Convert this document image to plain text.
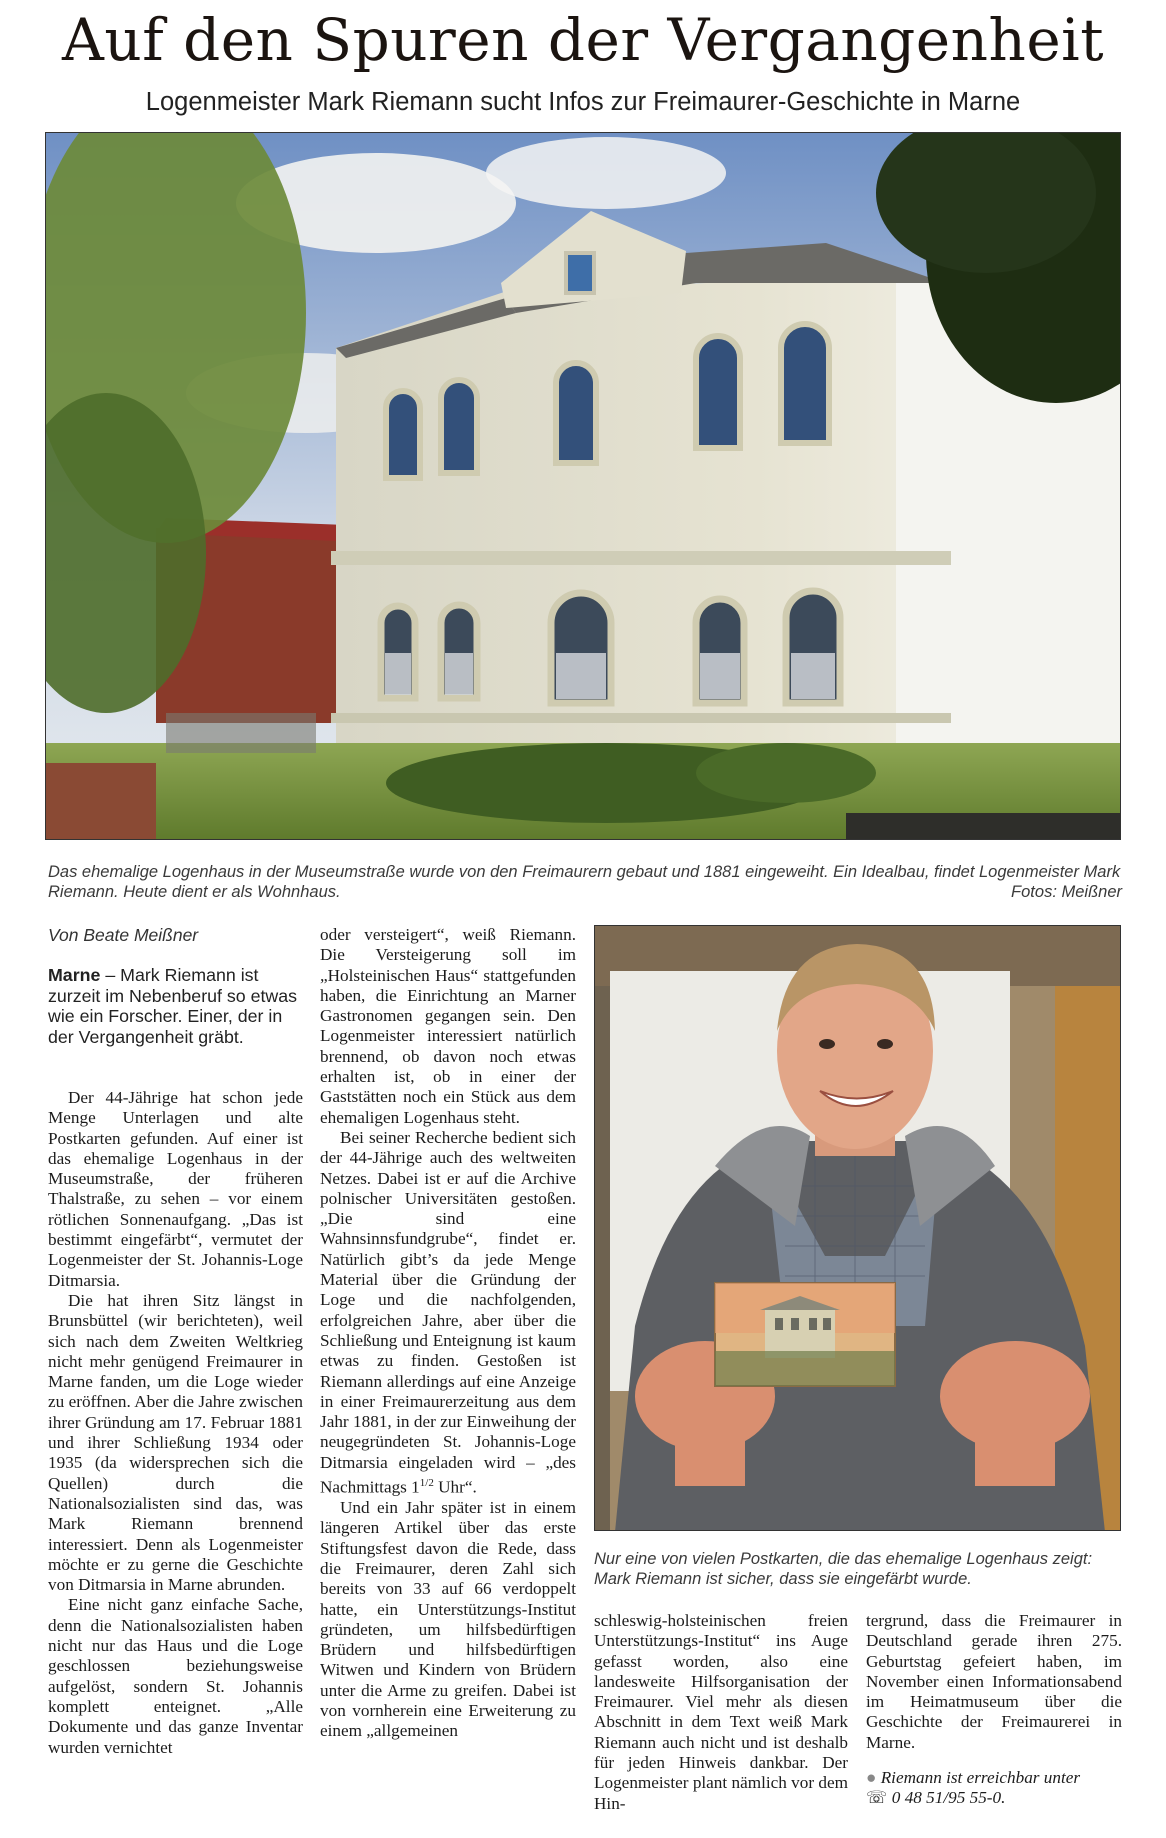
Auf den Spuren der Vergangenheit
Logenmeister Mark Riemann sucht Infos zur Freimaurer-Geschichte in Marne
Das ehemalige Logenhaus in der Museumstraße wurde von den Freimaurern gebaut und 1881 eingeweiht. Ein Idealbau, findet Logenmeister Mark Riemann. Heute dient er als Wohnhaus.	Fotos: Meißner
Von Beate Meißner
Marne – Mark Riemann ist zurzeit im Nebenberuf so etwas wie ein Forscher. Einer, der in der Vergangenheit gräbt.

Der 44-Jährige hat schon jede Menge Unterlagen und alte Postkarten gefunden. Auf einer ist das ehemalige Logenhaus in der Museumstraße, der früheren Thalstraße, zu sehen – vor einem rötlichen Sonnenaufgang. „Das ist bestimmt eingefärbt“, vermutet der Logenmeister der St. Johannis-Loge Ditmarsia.

Die hat ihren Sitz längst in Brunsbüttel (wir berichteten), weil sich nach dem Zweiten Weltkrieg nicht mehr genügend Freimaurer in Marne fanden, um die Loge wieder zu eröffnen. Aber die Jahre zwischen ihrer Gründung am 17. Februar 1881 und ihrer Schließung 1934 oder 1935 (da widersprechen sich die Quellen) durch die Nationalsozialisten sind das, was Mark Riemann brennend interessiert. Denn als Logenmeister möchte er zu gerne die Geschichte von Ditmarsia in Marne abrunden.

Eine nicht ganz einfache Sache, denn die Nationalsozialisten haben nicht nur das Haus und die Loge geschlossen beziehungsweise aufgelöst, sondern St. Johannis komplett enteignet. „Alle Dokumente und das ganze Inventar wurden vernichtet

oder versteigert“, weiß Riemann. Die Versteigerung soll im „Holsteinischen Haus“ stattgefunden haben, die Einrichtung an Marner Gastronomen gegangen sein. Den Logenmeister interessiert natürlich brennend, ob davon noch etwas erhalten ist, ob in einer der Gaststätten noch ein Stück aus dem ehemaligen Logenhaus steht.

Bei seiner Recherche bedient sich der 44-Jährige auch des weltweiten Netzes. Dabei ist er auf die Archive polnischer Universitäten gestoßen. „Die sind eine Wahnsinnsfundgrube“, findet er. Natürlich gibt’s da jede Menge Material über die Gründung der Loge und die nachfolgenden, erfolgreichen Jahre, aber über die Schließung und Enteignung ist kaum etwas zu finden. Gestoßen ist Riemann allerdings auf eine Anzeige in einer Freimaurerzeitung aus dem Jahr 1881, in der zur Einweihung der neugegründeten St. Johannis-Loge Ditmarsia eingeladen wird – „des Nachmittags $1^{1/2}$ Uhr“.

Und ein Jahr später ist in einem längeren Artikel über das erste Stiftungsfest davon die Rede, dass die Freimaurer, deren Zahl sich bereits von 33 auf 66 verdoppelt hatte, ein Unterstützungs-Institut gründeten, um hilfsbedürftigen Brüdern und hilfsbedürftigen Witwen und Kindern von Brüdern unter die Arme zu greifen. Dabei ist von vornherein eine Erweiterung zu einem „allgemeinen

Nur eine von vielen Postkarten, die das ehemalige Logenhaus zeigt: Mark Riemann ist sicher, dass sie eingefärbt wurde.

schleswig-holsteinischen freien Unterstützungs-Institut“ ins Auge gefasst worden, also eine landesweite Hilfsorganisation der Freimaurer. Viel mehr als diesen Abschnitt in dem Text weiß Mark Riemann auch nicht und ist deshalb für jeden Hinweis dankbar. Der Logenmeister plant nämlich vor dem Hin-

tergrund, dass die Freimaurer in Deutschland gerade ihren 275. Geburtstag gefeiert haben, im November einen Informationsabend im Heimatmuseum über die Geschichte der Freimaurerei in Marne.

● Riemann ist erreichbar unter
☏ 0 48 51/95 55-0.
